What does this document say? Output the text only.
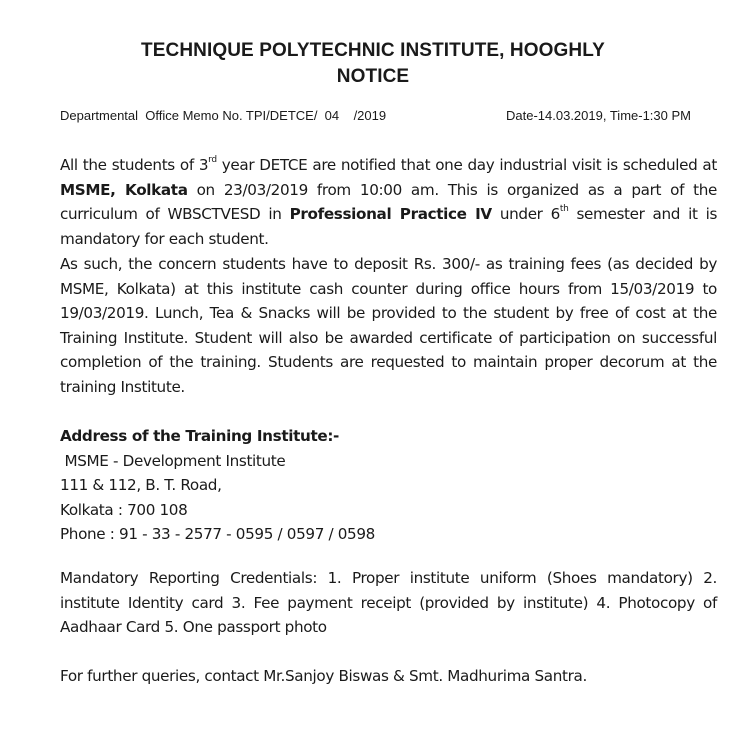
TECHNIQUE POLYTECHNIC INSTITUTE, HOOGHLY
NOTICE
Departmental  Office Memo No. TPI/DETCE/  04    /2019	Date-14.03.2019, Time-1:30 PM
All the students of 3rd year DETCE are notified that one day industrial visit is scheduled at MSME, Kolkata on 23/03/2019 from 10:00 am. This is organized as a part of the curriculum of WBSCTVESD in Professional Practice IV under 6th semester and it is mandatory for each student.
As such, the concern students have to deposit Rs. 300/- as training fees (as decided by MSME, Kolkata) at this institute cash counter during office hours from 15/03/2019 to 19/03/2019. Lunch, Tea & Snacks will be provided to the student by free of cost at the Training Institute. Student will also be awarded certificate of participation on successful completion of the training. Students are requested to maintain proper decorum at the training Institute.
Address of the Training Institute:-
MSME - Development Institute
111 & 112, B. T. Road,
Kolkata : 700 108
Phone : 91 - 33 - 2577 - 0595 / 0597 / 0598
Mandatory Reporting Credentials: 1. Proper institute uniform (Shoes mandatory) 2. institute Identity card 3. Fee payment receipt (provided by institute) 4. Photocopy of Aadhaar Card 5. One passport photo
For further queries, contact Mr.Sanjoy Biswas & Smt. Madhurima Santra.
